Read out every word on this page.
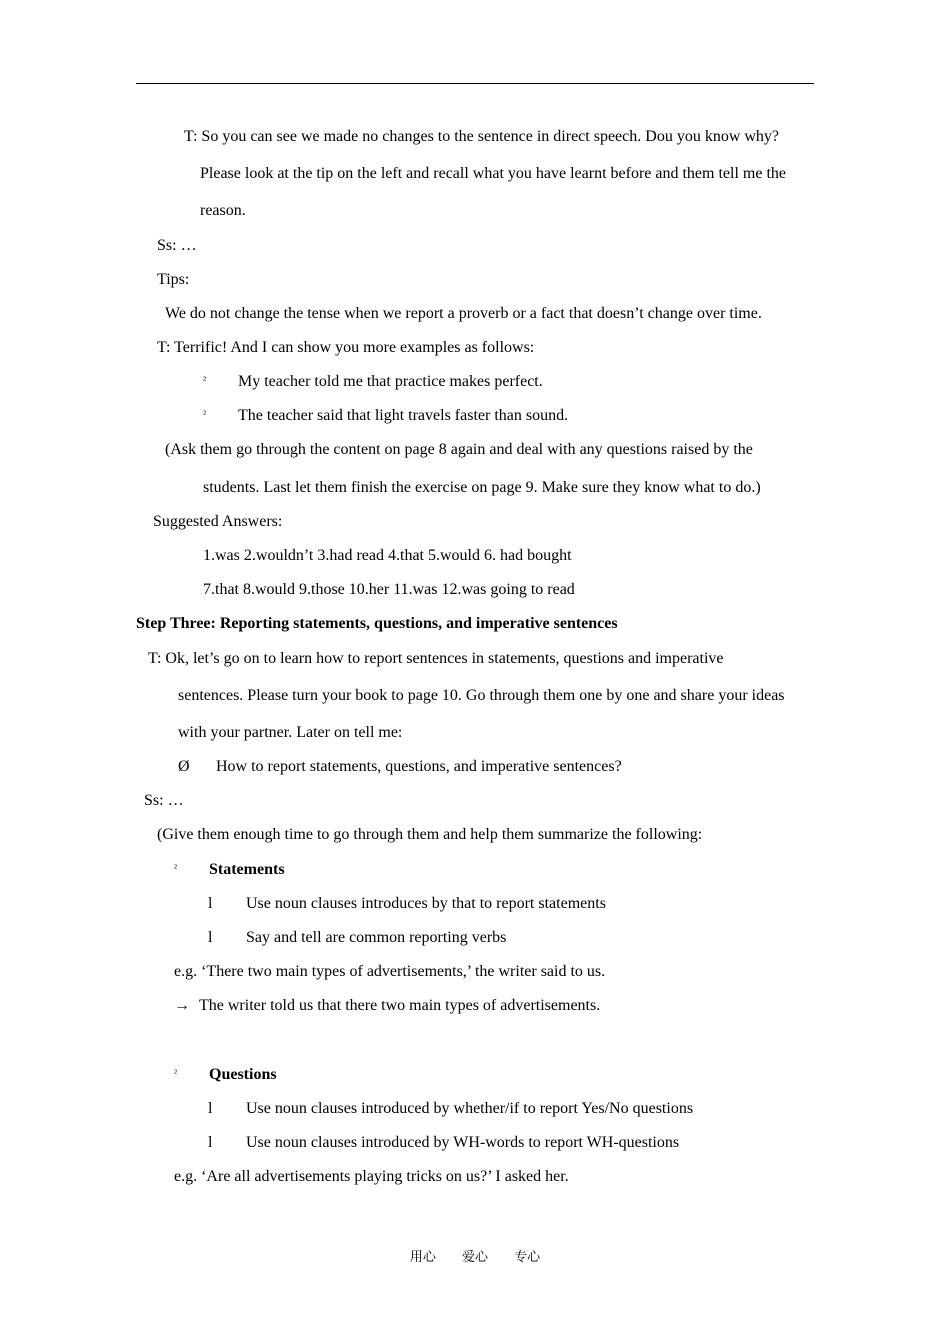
T: So you can see we made no changes to the sentence in direct speech. Dou you know why?
Please look at the tip on the left and recall what you have learnt before and them tell me the
reason.
Ss: …
Tips:
We do not change the tense when we report a proverb or a fact that doesn’t change over time.
T: Terrific! And I can show you more examples as follows:
² My teacher told me that practice makes perfect.
² The teacher said that light travels faster than sound.
(Ask them go through the content on page 8 again and deal with any questions raised by the
students. Last let them finish the exercise on page 9. Make sure they know what to do.)
Suggested Answers:
1.was 2.wouldn’t 3.had read 4.that 5.would 6. had bought
7.that 8.would 9.those 10.her 11.was 12.was going to read
Step Three: Reporting statements, questions, and imperative sentences
T: Ok, let’s go on to learn how to report sentences in statements, questions and imperative
sentences. Please turn your book to page 10. Go through them one by one and share your ideas
with your partner. Later on tell me:
Ø How to report statements, questions, and imperative sentences?
Ss: …
(Give them enough time to go through them and help them summarize the following:
² Statements
l Use noun clauses introduces by that to report statements
l Say and tell are common reporting verbs
e.g. ‘There two main types of advertisements,’ the writer said to us.
→ The writer told us that there two main types of advertisements.
² Questions
l Use noun clauses introduced by whether/if to report Yes/No questions
l Use noun clauses introduced by WH-words to report WH-questions
e.g. ‘Are all advertisements playing tricks on us?’ I asked her.
用心 爱心 专心
